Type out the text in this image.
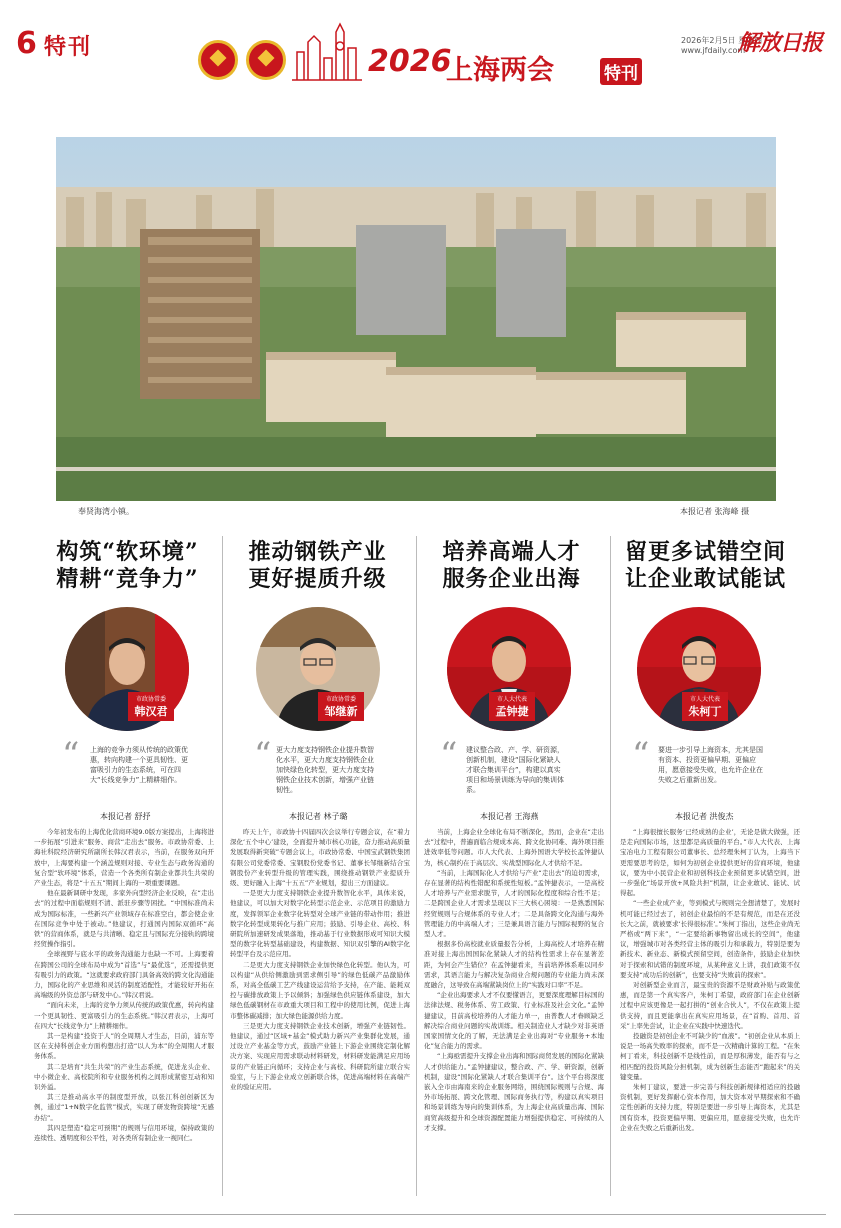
6 特刊	2026
上海两会	特刊
2026年2月5日 星期四
www.jfdaily.com
解放日报
奉贤海湾小镇。	本报记者 张海峰 摄
构筑“软环境”
精耕“竞争力”
市政协常委
韩汉君
“ 上海的竞争力须从传统的政策优惠，转向构建一个更具韧性、更富吸引力的生态系统，可在四大“长线竞争力”上精耕细作。
本报记者 舒抒

今年初发布的上海优化营商环境9.0版方案提出，上海将进一步拓展“引进来”服务、商营“走出去”服务。市政协常委、上海社科院经济研究所副所长韩汉君表示，当前，在服务双向开放中，上海要构建一个涵盖规则对接、专业生态与政务沟通的复合型“软环境”体系，营造一个各类所有制企业都共生共荣的产业生态，将是“十五五”期间上海的一项重要课题。

他在最新调研中发现，多家外向型经济企业反映，在“走出去”的过程中面临规则不清、派驻步骤等困扰。“中国标准尚未成为国际标准，一些新兴产业领域存在标准空白，都会使企业在国际竞争中处于被动。”他建议，打通国内国际双循环“高铁”的营商体系，就是与共清晰、稳定且与国际充分接轨的跨境经贸操作指引。

全球视野与底水平的政务沟通能力也缺一不可。上海要着在跨国公司的全球布局中成为“首选”与“最优选”，还需提供更有吸引力的政策。“这就要求政府部门具备高效的跨文化沟通能力，国际化的产业思维和灵活的制度适配性，才能较好开拓在高端级的外资总部与研发中心。”韩汉君说。

“面向未来，上海的竞争力须从传统的政策优惠，转向构建一个更具韧性、更富吸引力的生态系统。”韩汉君表示，上海可在四大“长线竞争力”上精耕细作。

其一是构建“投资于人”的全周期人才生态，目前，浦东等区在支持科创企业方面构想出打造“以人为本”的全周期人才服务体系。

其二是培育“共生共荣”的产业生态系统，促进龙头企业、中小微企业、高校院所和专业服务机构之间形成紧密互动和知识外溢。

其三是推动高水平的制度型开放，以张江科创创新区为例，通过“1+N数字化监管”模式，实现了研发物资跨境“无感办结”。

其四是塑造“稳定可预期”的规则与信用环境，保持政策的连续性、透明度和公平性，对各类所有制企业一视同仁。

推动钢铁产业
更好提质升级
市政协常委
邹继新
“ 更大力度支持钢铁企业提升数智化水平，更大力度支持钢铁企业加快绿色化转型，更大力度支持钢铁企业技术创新，增强产业链韧性。
本报记者 林子璐

昨天上午，市政协十四届四次会议举行专题会议，在“着力深化‘五个中心’建设，全面提升城市核心功能，奋力推动高质量发展取得新突破”专题会议上，市政协常委、中国宝武钢铁集团有限公司党委常委、宝钢股份党委书记、董事长邹继新结合宝钢股份产业转型升级的管理实践，围绕推动钢铁产业提质升级、更好融入上海“十五五”产业规划，提出三方面建议。

一是更大力度支持钢铁企业提升数智化水平，具体来说，他建议，可以加大对数字化转型示范企业、示范项目的激励力度，发挥领军企业数字化转型对全球产业链的带动作用；推进数字化转型成果转化与推广应用；鼓励、引导企业、高校、科研院所加速研发成果落地，推动基于行业数据形成可知识大模型的数字化转型基础建设，构建数据、知识双引擎的AI数字化转型平台及示范应用。

二是更大力度支持钢铁企业加快绿色化转型。他认为，可以构建“从供给侧激励到需求侧引导”的绿色低碳产品激励体系，对高全低碳工艺产线建设运营给予支持，在产能、能耗双控与碳排放政策上予以倾斜；加强绿色供应链体系建设，加大绿色低碳钢材在市政重大项目和工程中的使用比例，促进上海市整体碳减排；加大绿色能源供给力度。

三是更大力度支持钢铁企业技术创新，增强产业链韧性。他建议，通过“区域+基金”模式助力新兴产业集群化发展，通过设立产业基金等方式，鼓励产业链上下游企业围绕定制化解决方案、实现应用需求联动材料研发，材料研发能满足应用场景的产业链正向循环；支持企业与高校、科研院所建立联合实验室，与上下游企业成立创新联合体，促进高端材料在高端产业的验证应用。

培养高端人才
服务企业出海
市人大代表
孟钟捷
“ 建议整合政、产、学、研资源，创新机制，建设“国际化紧缺人才联合集训平台”，构建以真实项目和场景训练为导向的集训体系。
本报记者 王海燕

当前，上海企业全球化布局不断深化，然而，企业在“走出去”过程中，普遍面临合规成本高、跨文化协同难、海外项目推进效率低等问题。市人大代表、上海外国语大学校长孟钟捷认为，核心制约在于高层次、实战型国际化人才供给不足。

“当前，上海国际化人才供给与产业“走出去”的迫切需求，存在显著的结构性错配和系统性短板。”孟钟捷表示，一是高校人才培养与产业需求脱节，人才的国际化程度和综合性不足；二是跨国企业人才需求呈现以下三大核心困境：一是熟悉国际经贸规则与合规体系的专业人才；二是具备跨文化沟通与海外管理能力的中高端人才；三是兼具语言能力与国际视野的复合型人才。

根据多份高校就业质量报告分析，上海高校人才培养在精准对接上海出国国际化紧缺人才的结构性需求上存在显著差距，为何会产生错位？在孟钟捷看来，当前培养体系难以同步需求，其语言能力与解决复杂商业合规问题的专业能力尚未深度融合，这导致在高端紧缺岗位上的“实践对口率”不足。

“企业出海要求人才不仅要懂语言，更要深度理解目标国的法律法规、税务体系、劳工政策、行业标准及社会文化。”孟钟捷建议，目前高校培养的人才能力单一，由普教人才眷顾缺乏解决综合商业问题的实战训练。相关制造业人才缺少对非英语国家国情文化的了解，无法满足企业出海对“专业服务+本地化”复合能力的需求。

“上海亟需提升支撑企业出海和国际商贸发展的国际化紧缺人才供给能力。”孟钟捷建议，整合政、产、学、研资源，创新机制，建设“国际化紧缺人才联合集训平台”。这个平台将深度嵌入全市由海南来的企业服务网络，围绕国际规则与合规、海外市场拓展、跨文化管理、国际商务执行等，构建以真实项目和场景训练为导向的集训体系，为上海企业高质量出海、国际商贸高级提升和全球资源配置能力增强提供稳定、可持续的人才支撑。

留更多试错空间
让企业敢试能试
市人大代表
朱柯丁
“ 要进一步引导上海资本，尤其是国有资本、投资更偏早期、更偏应用，愿意接受失败，也允许企业在失败之后重新出发。
本报记者 洪俊杰

“上海很擅长服务‘已经成熟的企业’，无论是做大做强，还是走向国际市场，这里都是高质量的平台。”市人大代表、上海宝冶电力工程有限公司董事长、总经理朱柯丁认为，上海当下更需要思考的是，如何为初创企业提供更好的营商环境，他建议，要为中小民营企业和初创科技企业预留更多试错空间，进一步强化“场景开放+风险共担”机制，让企业敢试、能试、试得起。

“一些企业成产业，等到模式与规则完全想清楚了，发展时机可能已经过去了，初创企业最怕的不是有规范，而是在还没长大之前，就被要求‘长得很标准’。”朱柯丁指出，这些企业尚无严格或“两下来”，“一定要给新事物留出成长的空间”，他建议，增强城市对各类经营主体的吸引力和承载力，特别是要为新技术、新业态、新模式预留空间，创造条件，鼓励企业加快对于探索和试错的制度环境，从某种意义上讲，我们政策不仅要支持“成功后的创新”，也要支持“失败前的探索”。

对创新型企业而言，最宝贵的资源不是财政补贴与政策优惠，而是第一个真实客户，朱柯丁希望，政府部门在企业创新过程中应该更像是一起打拼的“创业合伙人”，不仅在政策上提供支持，而且更能拿出在真实应用场景，在“首购、首用、首采”上率先尝试，让企业在实践中快速迭代。

投融资是初创企业不可缺少的“血液”。“初创企业从本质上说是一场高失败率的探索，而不是一次精确计算的工程。“在朱柯丁看来，科技创新不是线性前，而是厚积薄发，能否有与之相匹配的投资风险分担机制，成为创新生态能否“跑起来”的关键变量。

朱柯丁建议，要进一步完善与科技创新规律相适应的投融资机制，更好发挥耐心资本作用，加大资本对早期探索和不确定性创新的支持力度，特别是要进一步引导上海资本，尤其是国有资本，投资更偏早期、更偏应用，愿意接受失败，也允许企业在失败之后重新出发。
